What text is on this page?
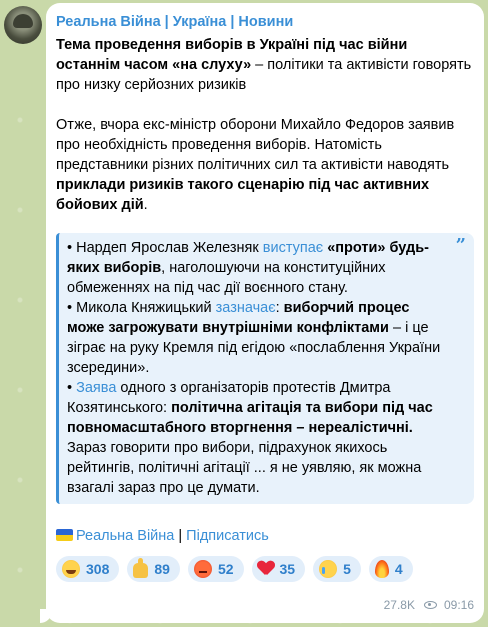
Реальна Війна | Україна | Новини

Тема проведення виборів в Україні під час війни останнім часом «на слуху» – політики та активісти говорять про низку серйозних ризиків

Отже, вчора екс-міністр оборони Михайло Федоров заявив про необхідність проведення виборів. Натомість представники різних політичних сил та активісти наводять приклади ризиків такого сценарію під час активних бойових дій.

”
• Нардеп Ярослав Железняк виступає «проти» будь-яких виборів, наголошуючи на конституційних обмеженнях на під час дії воєнного стану.
• Микола Княжицький зазначає: виборчий процес може загрожувати внутрішніми конфліктами – і це зіграє на руку Кремля під егідою «послаблення України зсередини».
• Заява одного з організаторів протестів Дмитра Козятинського: політична агітація та вибори під час повномасштабного вторгнення – нереалістичні. Зараз говорити про вибори, підрахунок якихось рейтингів, політичні агітації ... я не уявляю, як можна взагалі зараз про це думати.
Реальна Війна | Підписатись
308	89	52	35	5	4
27.8K 09:16
